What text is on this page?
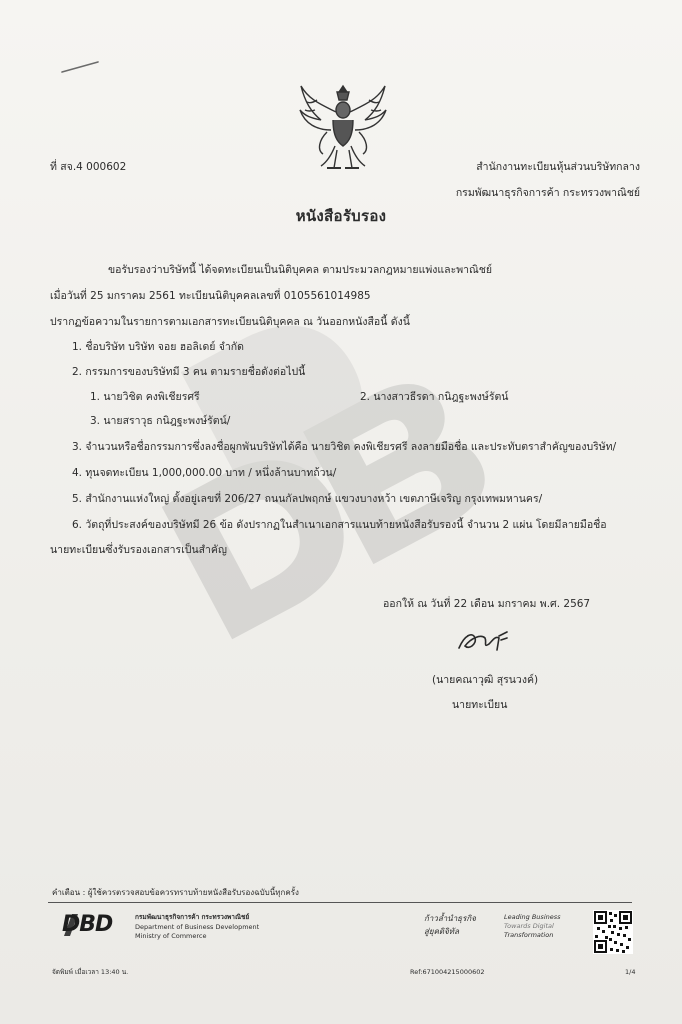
ที่ สจ.4 000602	สำนักงานทะเบียนหุ้นส่วนบริษัทกลาง
กรมพัฒนาธุรกิจการค้า กระทรวงพาณิชย์
หนังสือรับรอง
ขอรับรองว่าบริษัทนี้ ได้จดทะเบียนเป็นนิติบุคคล ตามประมวลกฎหมายแพ่งและพาณิชย์
เมื่อวันที่ 25 มกราคม 2561 ทะเบียนนิติบุคคลเลขที่ 0105561014985
ปรากฏข้อความในรายการตามเอกสารทะเบียนนิติบุคคล ณ วันออกหนังสือนี้ ดังนี้
1. ชื่อบริษัท บริษัท จอย ฮอลิเดย์ จำกัด
2. กรรมการของบริษัทมี 3 คน ตามรายชื่อดังต่อไปนี้
1. นายวิชิต คงพิเชียรศรี	2. นางสาวธีรดา กนิฎฐะพงษ์รัตน์
3. นายสราวุธ กนิฎฐะพงษ์รัตน์/
3. จำนวนหรือชื่อกรรมการซึ่งลงชื่อผูกพันบริษัทได้คือ นายวิชิต คงพิเชียรศรี ลงลายมือชื่อ และประทับตราสำคัญของบริษัท/
4. ทุนจดทะเบียน 1,000,000.00 บาท / หนึ่งล้านบาทถ้วน/
5. สำนักงานแห่งใหญ่ ตั้งอยู่เลขที่ 206/27 ถนนกัลปพฤกษ์ แขวงบางหว้า เขตภาษีเจริญ กรุงเทพมหานคร/
6. วัตถุที่ประสงค์ของบริษัทมี 26 ข้อ ดังปรากฏในสำเนาเอกสารแนบท้ายหนังสือรับรองนี้ จำนวน 2 แผ่น โดยมีลายมือชื่อ
นายทะเบียนซึ่งรับรองเอกสารเป็นสำคัญ
ออกให้ ณ วันที่ 22 เดือน มกราคม พ.ศ. 2567
(นายคณาวุฒิ สุรนวงค์)
นายทะเบียน
คำเตือน : ผู้ใช้ควรตรวจสอบข้อควรทราบท้ายหนังสือรับรองฉบับนี้ทุกครั้ง
DBD	กรมพัฒนาธุรกิจการค้า กระทรวงพาณิชย์
Department of Business Development
Ministry of Commerce
ก้าวล้ำนำธุรกิจ
สู่ยุคดิจิทัล
Leading Business
Towards Digital
Transformation
จัดพิมพ์ เมื่อเวลา 13:40 น.	Ref:671004215000602	1/4
